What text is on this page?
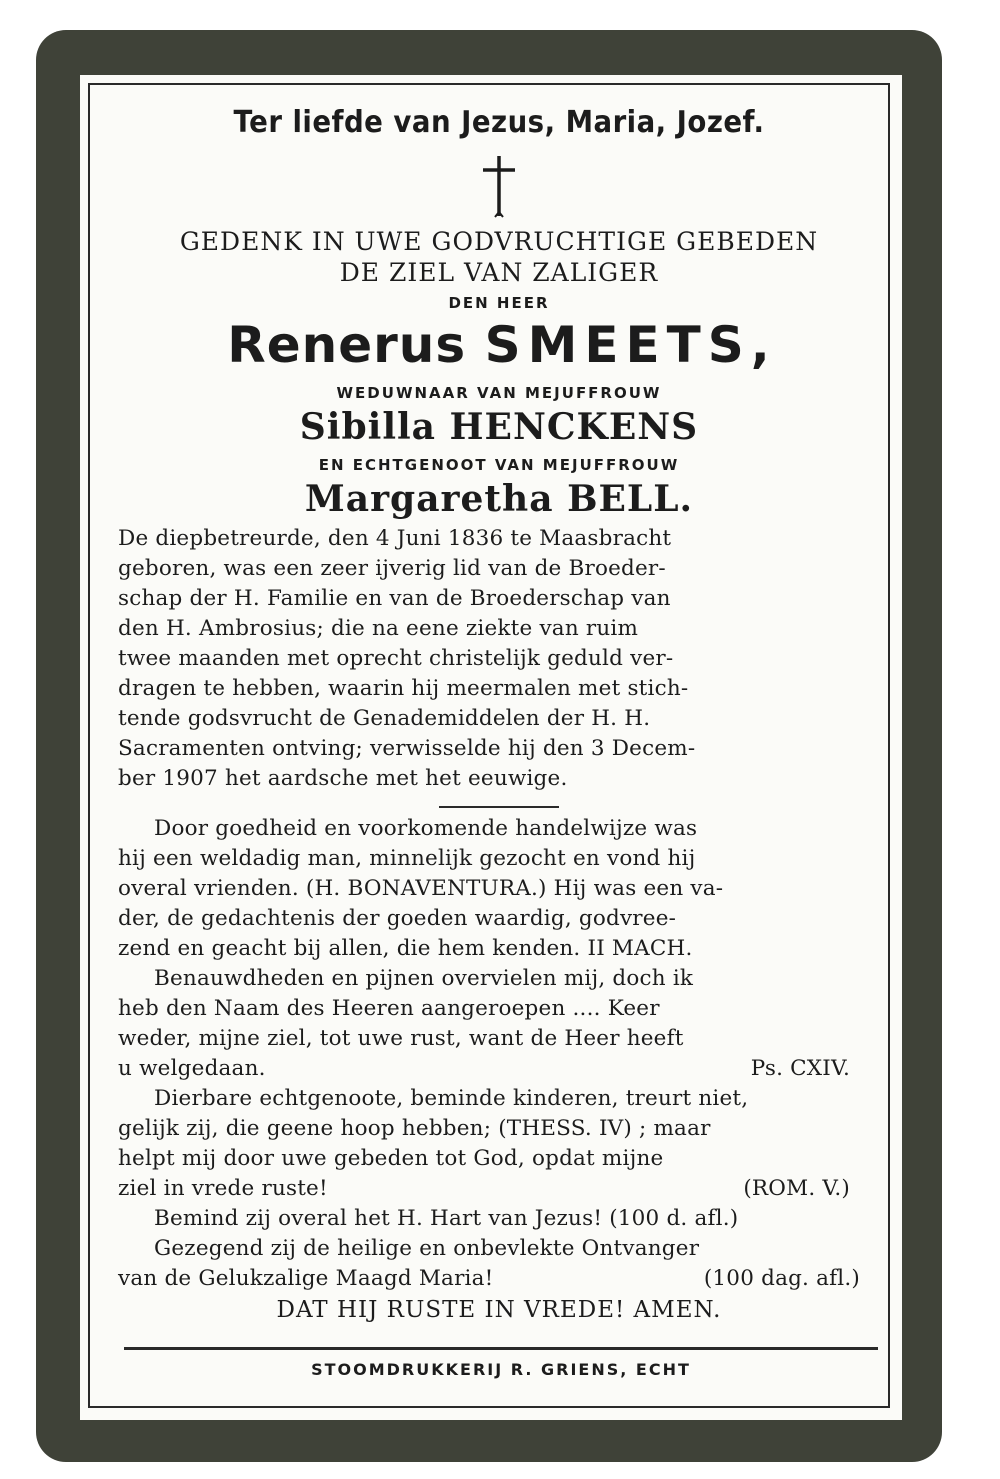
Ter liefde van Jezus, Maria, Jozef.
GEDENK IN UWE GODVRUCHTIGE GEBEDEN
DE ZIEL VAN ZALIGER
DEN HEER
Renerus SMEETS,
WEDUWNAAR VAN MEJUFFROUW
Sibilla HENCKENS
EN ECHTGENOOT VAN MEJUFFROUW
Margaretha BELL.

De diepbetreurde, den 4 Juni 1836 te Maasbracht

geboren, was een zeer ijverig lid van de Broeder-

schap der H. Familie en van de Broederschap van

den H. Ambrosius; die na eene ziekte van ruim

twee maanden met oprecht christelijk geduld ver-

dragen te hebben, waarin hij meermalen met stich-

tende godsvrucht de Genademiddelen der H. H.

Sacramenten ontving; verwisselde hij den 3 Decem-

ber 1907 het aardsche met het eeuwige.

Door goedheid en voorkomende handelwijze was

hij een weldadig man, minnelijk gezocht en vond hij

overal vrienden. (H. BONAVENTURA.) Hij was een va-

der, de gedachtenis der goeden waardig, godvree-

zend en geacht bij allen, die hem kenden. II MACH.

Benauwdheden en pijnen overvielen mij, doch ik

heb den Naam des Heeren aangeroepen .... Keer

weder, mijne ziel, tot uwe rust, want de Heer heeft

u welgedaan.	Ps. CXIV.

Dierbare echtgenoote, beminde kinderen, treurt niet,

gelijk zij, die geene hoop hebben; (THESS. IV) ; maar

helpt mij door uwe gebeden tot God, opdat mijne

ziel in vrede ruste!	(ROM. V.)

Bemind zij overal het H. Hart van Jezus! (100 d. afl.)

Gezegend zij de heilige en onbevlekte Ontvanger

van de Gelukzalige Maagd Maria!	(100 dag. afl.)

DAT HIJ RUSTE IN VREDE! AMEN.
STOOMDRUKKERIJ R. GRIENS, ECHT
